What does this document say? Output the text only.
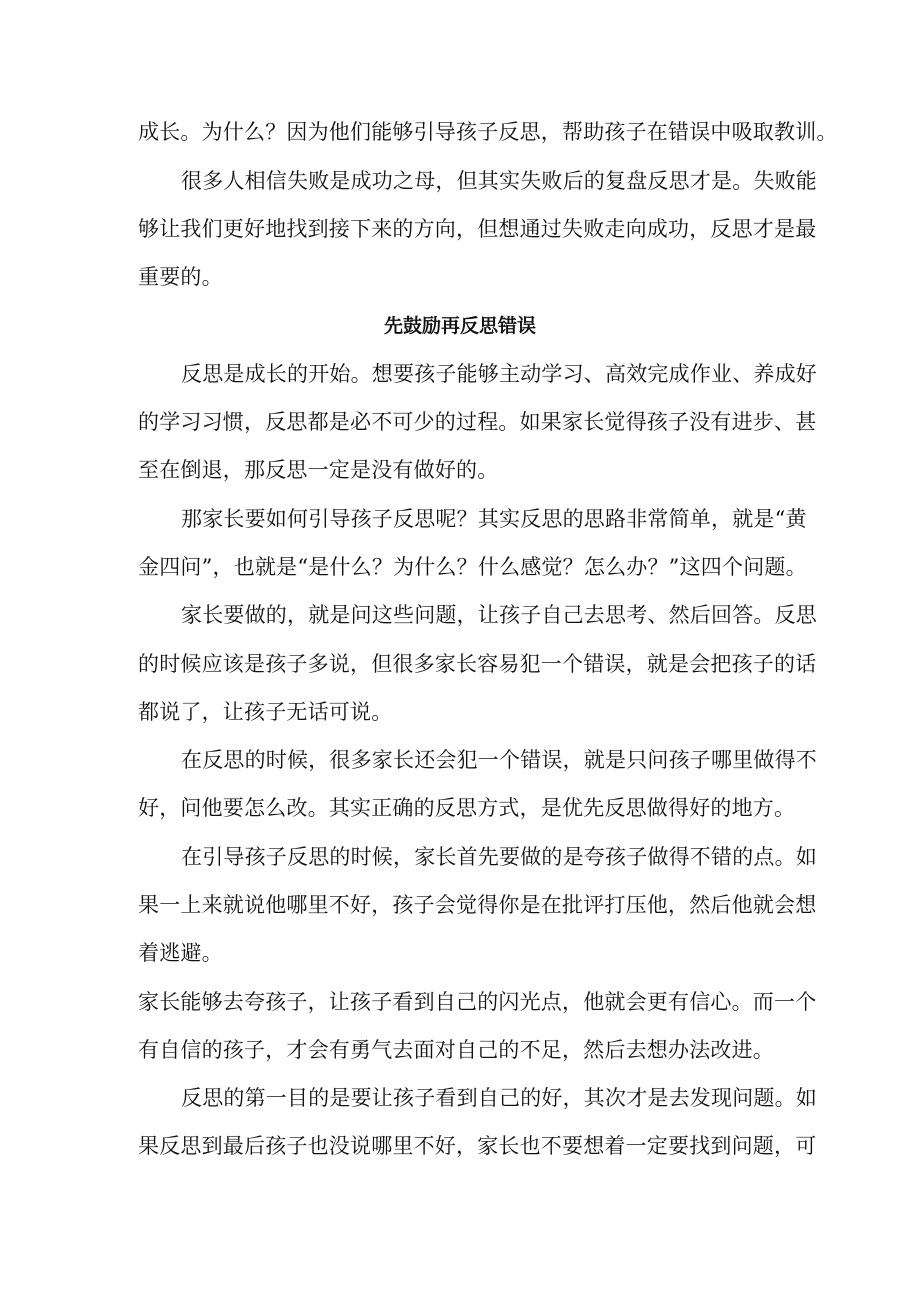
成长。为什么？因为他们能够引导孩子反思，帮助孩子在错误中吸取教训。
很多人相信失败是成功之母，但其实失败后的复盘反思才是。失败能
够让我们更好地找到接下来的方向，但想通过失败走向成功，反思才是最
重要的。
先鼓励再反思错误
反思是成长的开始。想要孩子能够主动学习、高效完成作业、养成好
的学习习惯，反思都是必不可少的过程。如果家长觉得孩子没有进步、甚
至在倒退，那反思一定是没有做好的。
那家长要如何引导孩子反思呢？其实反思的思路非常简单，就是“黄
金四问”，也就是“是什么？为什么？什么感觉？怎么办？”这四个问题。
家长要做的，就是问这些问题，让孩子自己去思考、然后回答。反思
的时候应该是孩子多说，但很多家长容易犯一个错误，就是会把孩子的话
都说了，让孩子无话可说。
在反思的时候，很多家长还会犯一个错误，就是只问孩子哪里做得不
好，问他要怎么改。其实正确的反思方式，是优先反思做得好的地方。
在引导孩子反思的时候，家长首先要做的是夸孩子做得不错的点。如
果一上来就说他哪里不好，孩子会觉得你是在批评打压他，然后他就会想
着逃避。
家长能够去夸孩子，让孩子看到自己的闪光点，他就会更有信心。而一个
有自信的孩子，才会有勇气去面对自己的不足，然后去想办法改进。
反思的第一目的是要让孩子看到自己的好，其次才是去发现问题。如
果反思到最后孩子也没说哪里不好，家长也不要想着一定要找到问题，可
